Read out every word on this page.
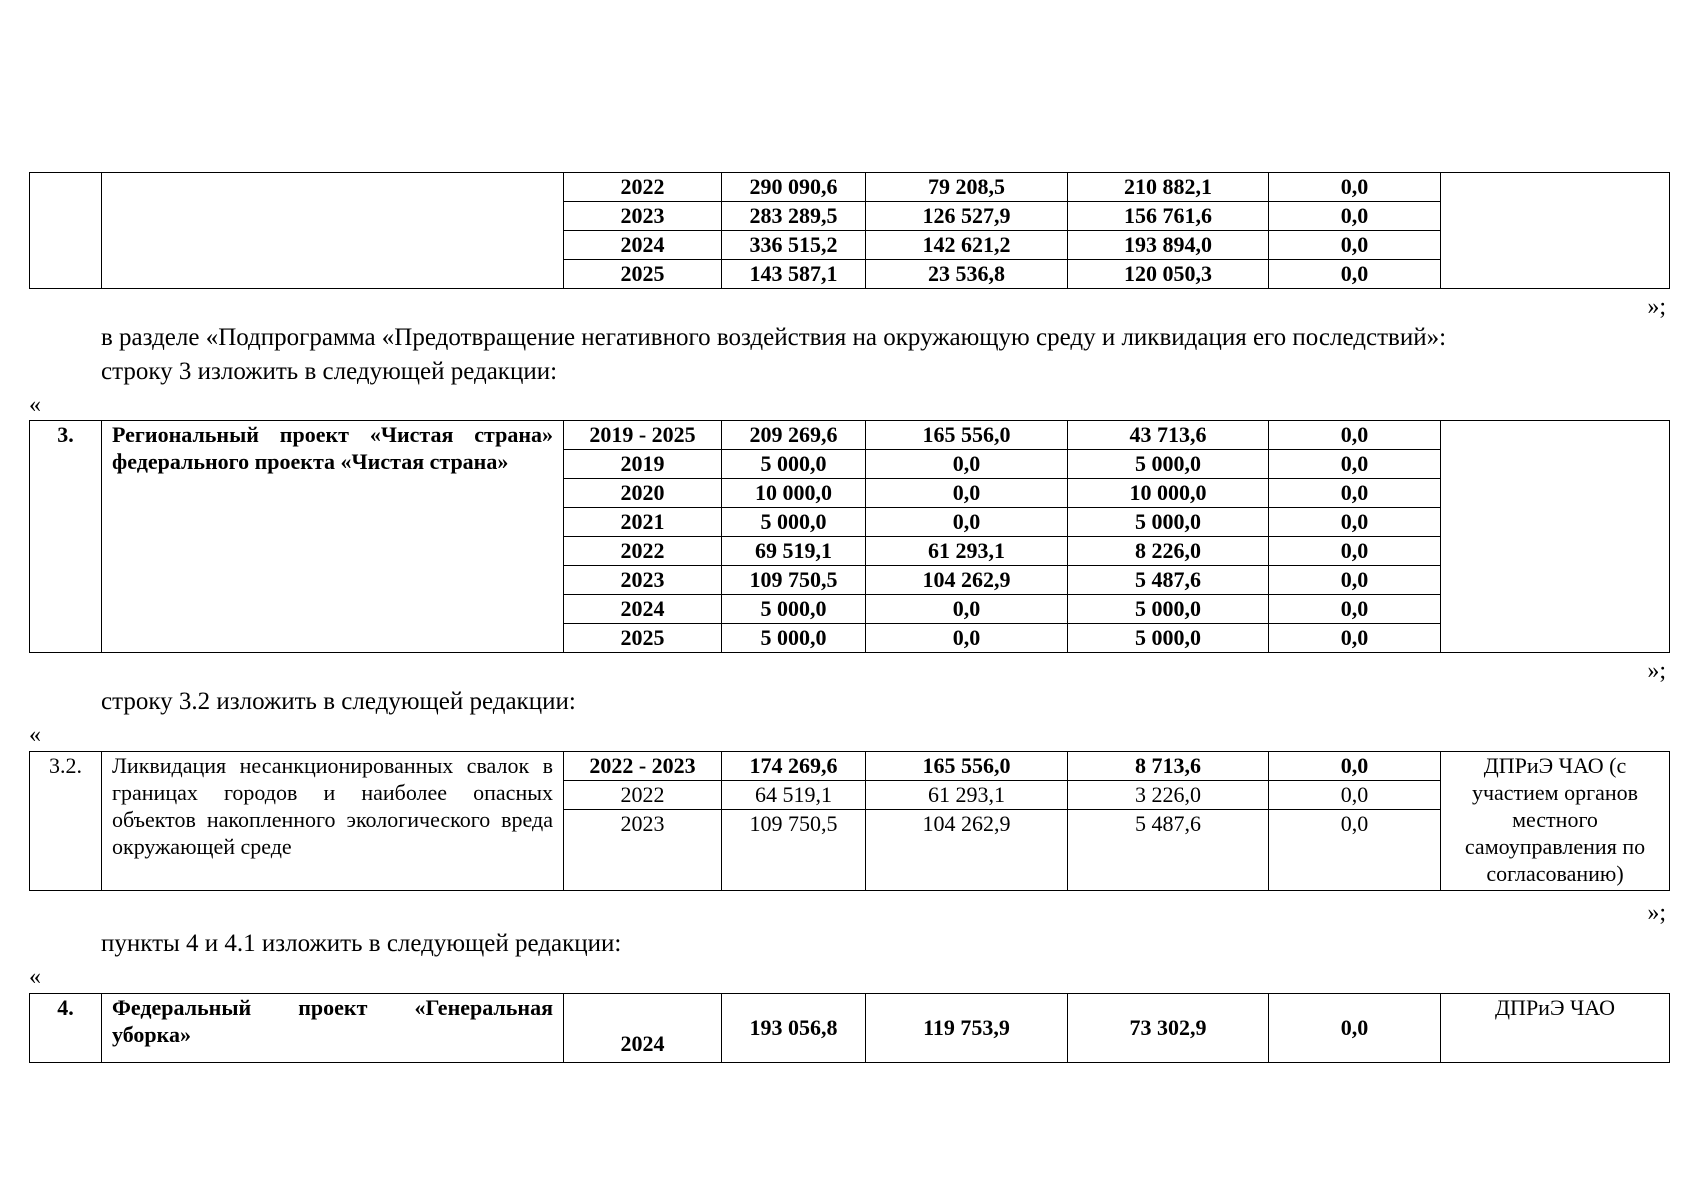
		2022	290 090,6	79 208,5	210 882,1	0,0	
		2023	283 289,5	126 527,9	156 761,6	0,0	
		2024	336 515,2	142 621,2	193 894,0	0,0	
		2025	143 587,1	23 536,8	120 050,3	0,0	
»;
в разделе «Подпрограмма «Предотвращение негативного воздействия на окружающую среду и ликвидация его последствий»:
строку 3 изложить в следующей редакции:
«
3.	Региональный проект «Чистая страна» федерального проекта «Чистая страна»	2019 - 2025	209 269,6	165 556,0	43 713,6	0,0	
		2019	5 000,0	0,0	5 000,0	0,0	
		2020	10 000,0	0,0	10 000,0	0,0	
		2021	5 000,0	0,0	5 000,0	0,0	
		2022	69 519,1	61 293,1	8 226,0	0,0	
		2023	109 750,5	104 262,9	5 487,6	0,0	
		2024	5 000,0	0,0	5 000,0	0,0	
		2025	5 000,0	0,0	5 000,0	0,0	
»;
строку 3.2 изложить в следующей редакции:
«
3.2.	Ликвидация несанкционированных свалок в границах городов и наиболее опасных объектов накопленного экологического вреда окружающей среде	2022 - 2023	174 269,6	165 556,0	8 713,6	0,0	ДПРиЭ ЧАО (с участием органов местного самоуправления по согласованию)
		2022	64 519,1	61 293,1	3 226,0	0,0	
		2023	109 750,5	104 262,9	5 487,6	0,0	
»;
пункты 4 и 4.1 изложить в следующей редакции:
«
4.	Федеральный проект «Генеральная уборка»	2024	193 056,8	119 753,9	73 302,9	0,0	ДПРиЭ ЧАО
